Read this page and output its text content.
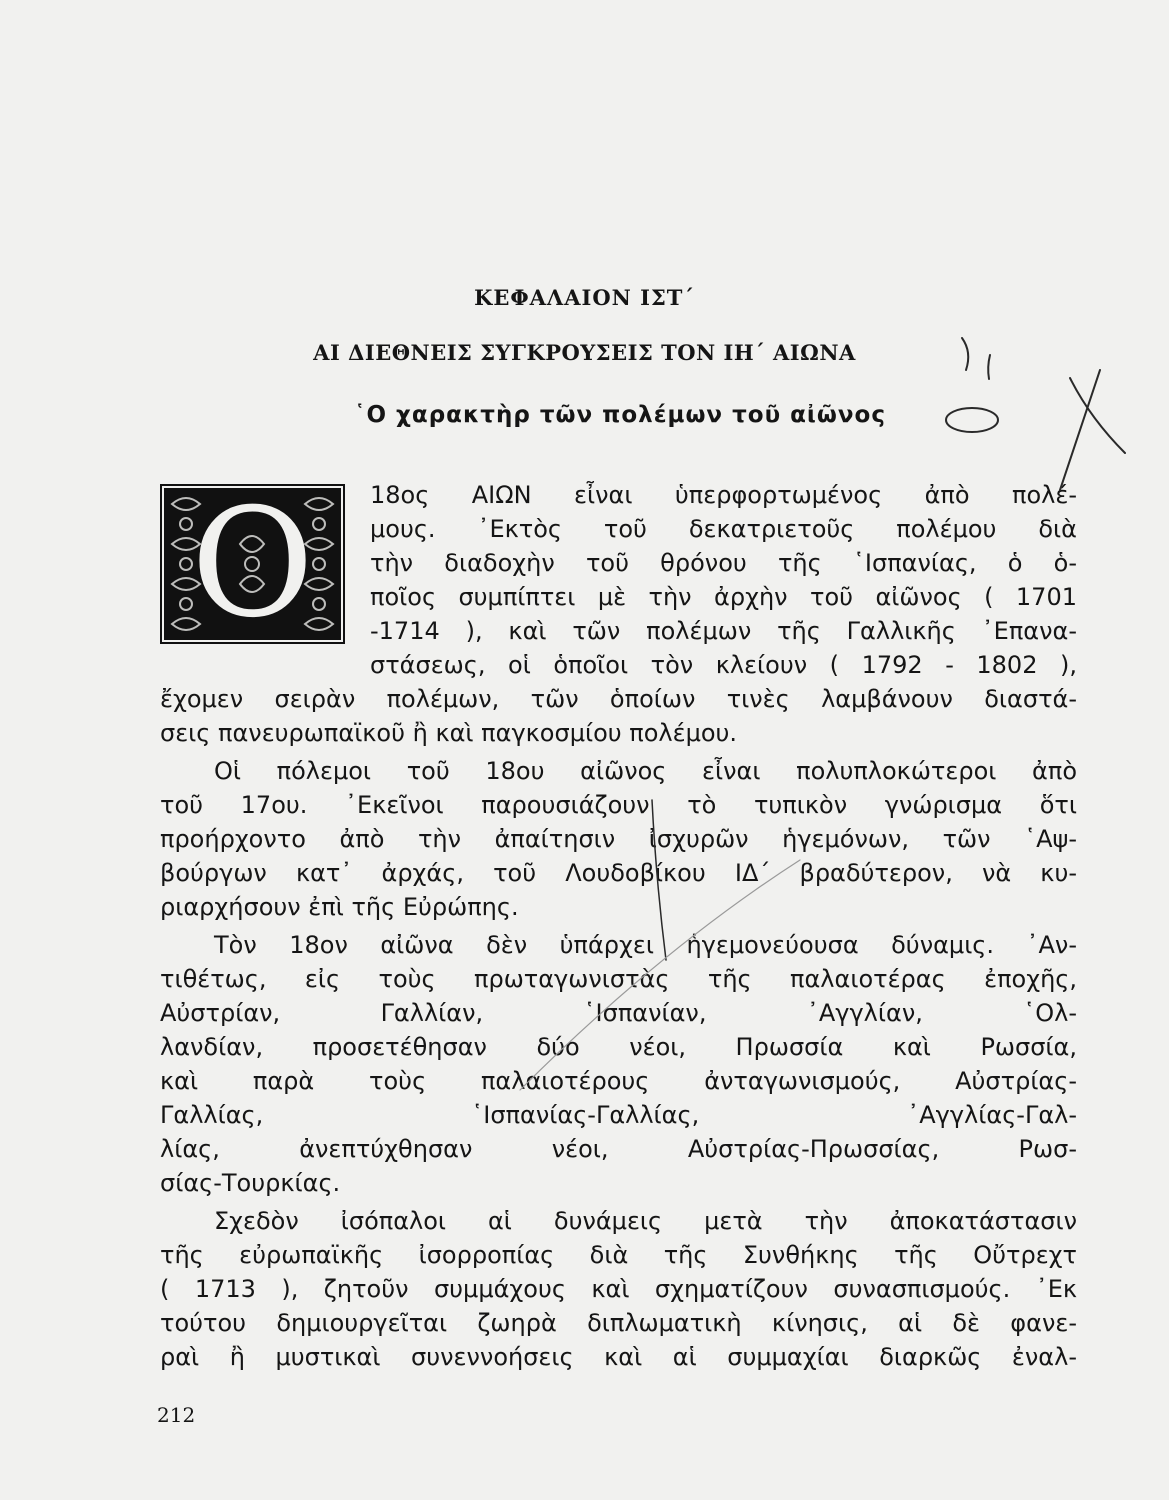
ΚΕΦΑΛΑΙΟΝ ΙΣΤ΄
ΑΙ ΔΙΕΘΝΕΙΣ ΣΥΓΚΡΟΥΣΕΙΣ ΤΟΝ ΙΗ΄ ΑΙΩΝΑ
῾Ο χαρακτὴρ τῶν πολέμων τοῦ αἰῶνος
Ο 18ος ΑΙΩΝ εἶναι ὑπερφορτωμένος ἀπὸ πολέ-

μους. ᾿Εκτὸς τοῦ δεκατριετοῦς πολέμου διὰ

τὴν διαδοχὴν τοῦ θρόνου τῆς ῾Ισπανίας, ὁ ὁ-

ποῖος συμπίπτει μὲ τὴν ἀρχὴν τοῦ αἰῶνος ( 1701

-1714 ), καὶ τῶν πολέμων τῆς Γαλλικῆς ᾿Επανα-

στάσεως, οἱ ὁποῖοι τὸν κλείουν ( 1792 - 1802 ),

ἔχομεν σειρὰν πολέμων, τῶν ὁποίων τινὲς λαμβάνουν διαστά-

σεις πανευρωπαϊκοῦ ἢ καὶ παγκοσμίου πολέμου.

Οἱ πόλεμοι τοῦ 18ου αἰῶνος εἶναι πολυπλοκώτεροι ἀπὸ

τοῦ 17ου. ᾿Εκεῖνοι παρουσιάζουν τὸ τυπικὸν γνώρισμα ὅτι

προήρχοντο ἀπὸ τὴν ἀπαίτησιν ἰσχυρῶν ἡγεμόνων, τῶν ῾Αψ-

βούργων κατ᾿ ἀρχάς, τοῦ Λουδοβίκου ΙΔ΄ βραδύτερον, νὰ κυ-

ριαρχήσουν ἐπὶ τῆς Εὐρώπης.

Τὸν 18ον αἰῶνα δὲν ὑπάρχει ἡγεμονεύουσα δύναμις. ᾿Αν-

τιθέτως, εἰς τοὺς πρωταγωνιστὰς τῆς παλαιοτέρας ἐποχῆς,

Αὐστρίαν, Γαλλίαν, ῾Ισπανίαν, ᾿Αγγλίαν, ῾Ολ-

λανδίαν, προσετέθησαν δύο νέοι, Πρωσσία καὶ Ρωσσία,

καὶ παρὰ τοὺς παλαιοτέρους ἀνταγωνισμούς, Αὐστρίας-

Γαλλίας, ῾Ισπανίας-Γαλλίας, ᾿Αγγλίας-Γαλ-

λίας, ἀνεπτύχθησαν νέοι, Αὐστρίας-Πρωσσίας, Ρωσ-

σίας-Τουρκίας.

Σχεδὸν ἰσόπαλοι αἱ δυνάμεις μετὰ τὴν ἀποκατάστασιν

τῆς εὐρωπαϊκῆς ἰσορροπίας διὰ τῆς Συνθήκης τῆς Οὔτρεχτ

( 1713 ), ζητοῦν συμμάχους καὶ σχηματίζουν συνασπισμούς. ᾿Εκ

τούτου δημιουργεῖται ζωηρὰ διπλωματικὴ κίνησις, αἱ δὲ φανε-

ραὶ ἢ μυστικαὶ συνεννοήσεις καὶ αἱ συμμαχίαι διαρκῶς ἐναλ-

212
